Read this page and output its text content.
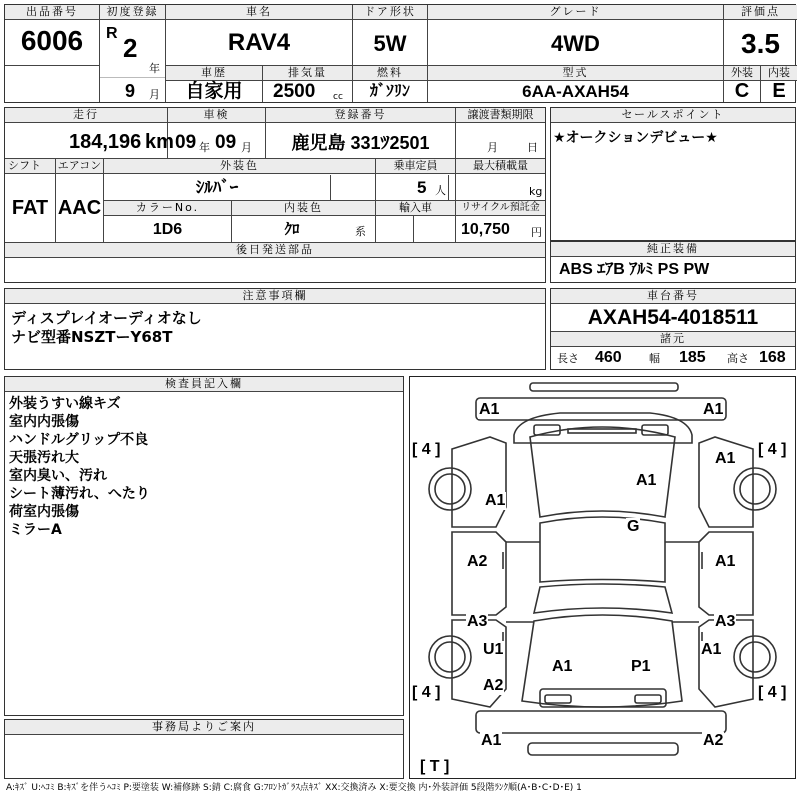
出品番号
6006
初度登録
R 2
年
9 月
車名
RAV4
ドア形状
5W
グレード
4WD
評価点
3.5
車歴
自家用
排気量
2500 cc
燃料
ｶﾞｿﾘﾝ
型式
6AA-AXAH54
外装
C
内装
E
走行
184,196 km
車検
09 年 09 月
登録番号
鹿児島 331ﾂ2501
譲渡書類期限
月	日
シフト
FAT
エアコン
AAC
外装色
ｼﾙﾊﾞｰ
乗車定員
5 人
最大積載量
kg
カラーNo.
1D6
内装色
ｸﾛ	系
輸入車	リサイクル預託金
10,750 円
後日発送部品
セールスポイント
★オークションデビュー★
純正装備
ABS ｴｱB ｱﾙﾐ PS PW
注意事項欄
ディスプレイオーディオなし
ナビ型番NSZTーY68T
車台番号
AXAH54-4018511
諸元
長さ 460 幅 185 高さ 168
検査員記入欄
外装うすい線キズ
室内内張傷
ハンドルグリップ不良
天張汚れ大
室内臭い、汚れ
シート薄汚れ、へたり
荷室内張傷
ミラーA
事務局よりご案内
A1	A1
A1
A1
A1
G
A2	A1
A3	A3
U1	A1
A1	P1
A2
A1	A2
[ 4 ]	[ 4 ]
[ 4 ]	[ 4 ]
[ T ]
A:ｷｽﾞ U:ﾍｺﾐ B:ｷｽﾞを伴うﾍｺﾐ P:要塗装 W:補修跡 S:錆 C:腐食 G:ﾌﾛﾝﾄｶﾞﾗｽ点ｷｽﾞ XX:交換済み X:要交換 内･外装評価 5段階ﾗﾝｸ順(A･B･C･D･E) 1
